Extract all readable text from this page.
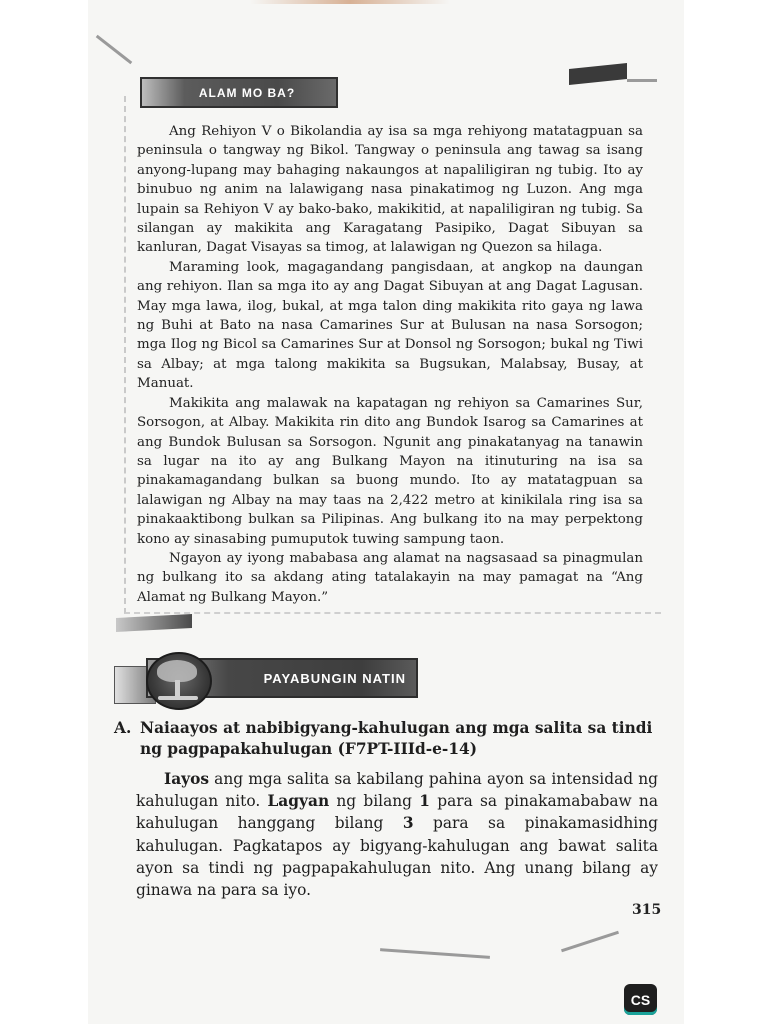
ALAM MO BA?

Ang Rehiyon V o Bikolandia ay isa sa mga rehiyong matatagpuan sa peninsula o tangway ng Bikol. Tangway o peninsula ang tawag sa isang anyong-lupang may bahaging nakaungos at napaliligiran ng tubig. Ito ay binubuo ng anim na lalawigang nasa pinakatimog ng Luzon. Ang mga lupain sa Rehiyon V ay bako-bako, makikitid, at napaliligiran ng tubig. Sa silangan ay makikita ang Karagatang Pasipiko, Dagat Sibuyan sa kanluran, Dagat Visayas sa timog, at lalawigan ng Quezon sa hilaga.

Maraming look, magagandang pangisdaan, at angkop na daungan ang rehiyon. Ilan sa mga ito ay ang Dagat Sibuyan at ang Dagat Lagusan. May mga lawa, ilog, bukal, at mga talon ding makikita rito gaya ng lawa ng Buhi at Bato na nasa Camarines Sur at Bulusan na nasa Sorsogon; mga Ilog ng Bicol sa Camarines Sur at Donsol ng Sorsogon; bukal ng Tiwi sa Albay; at mga talong makikita sa Bugsukan, Malabsay, Busay, at Manuat.

Makikita ang malawak na kapatagan ng rehiyon sa Camarines Sur, Sorsogon, at Albay. Makikita rin dito ang Bundok Isarog sa Camarines at ang Bundok Bulusan sa Sorsogon. Ngunit ang pinakatanyag na tanawin sa lugar na ito ay ang Bulkang Mayon na itinuturing na isa sa pinakamagandang bulkan sa buong mundo. Ito ay matatagpuan sa lalawigan ng Albay na may taas na 2,422 metro at kinikilala ring isa sa pinakaaktibong bulkan sa Pilipinas. Ang bulkang ito na may perpektong kono ay sinasabing pumuputok tuwing sampung taon.

Ngayon ay iyong mababasa ang alamat na nagsasaad sa pinagmulan ng bulkang ito sa akdang ating tatalakayin na may pamagat na “Ang Alamat ng Bulkang Mayon.”

PAYABUNGIN NATIN
A. Naiaayos at nabibigyang-kahulugan ang mga salita sa tindi ng pagpapakahulugan (F7PT-IIId-e-14)

Iayos ang mga salita sa kabilang pahina ayon sa intensidad ng kahulugan nito. Lagyan ng bilang 1 para sa pinakamababaw na kahulugan hanggang bilang 3 para sa pinakamasidhing kahulugan. Pagkatapos ay bigyang-kahulugan ang bawat salita ayon sa tindi ng pagpapakahulugan nito. Ang unang bilang ay ginawa na para sa iyo.

315
CS
